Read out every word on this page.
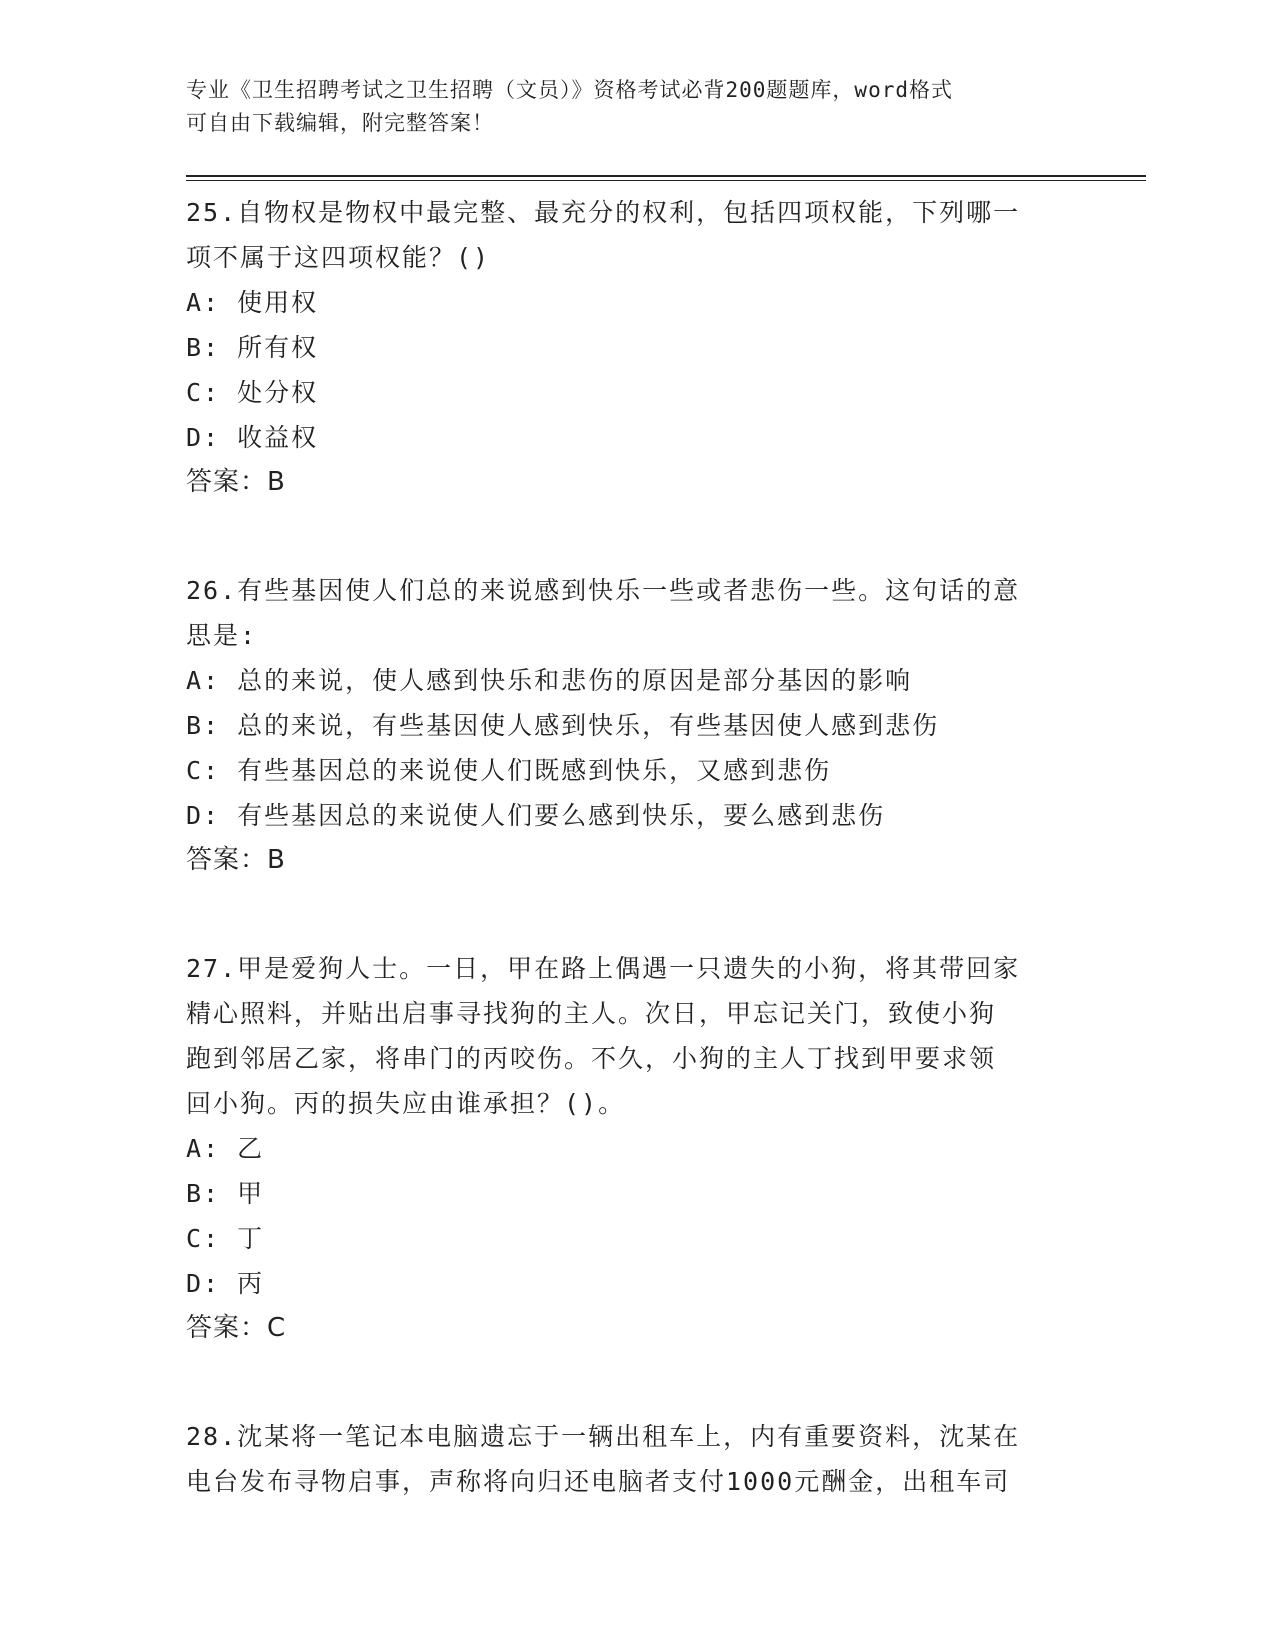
专业《卫生招聘考试之卫生招聘（文员）》资格考试必背200题题库，word格式
可自由下载编辑，附完整答案！
25.自物权是物权中最完整、最充分的权利，包括四项权能，下列哪一
项不属于这四项权能？()
A: 使用权
B: 所有权
C: 处分权
D: 收益权
答案：B
26.有些基因使人们总的来说感到快乐一些或者悲伤一些。这句话的意
思是:
A: 总的来说，使人感到快乐和悲伤的原因是部分基因的影响
B: 总的来说，有些基因使人感到快乐，有些基因使人感到悲伤
C: 有些基因总的来说使人们既感到快乐，又感到悲伤
D: 有些基因总的来说使人们要么感到快乐，要么感到悲伤
答案：B
27.甲是爱狗人士。一日，甲在路上偶遇一只遗失的小狗，将其带回家
精心照料，并贴出启事寻找狗的主人。次日，甲忘记关门，致使小狗
跑到邻居乙家，将串门的丙咬伤。不久，小狗的主人丁找到甲要求领
回小狗。丙的损失应由谁承担？()。
A: 乙
B: 甲
C: 丁
D: 丙
答案：C
28.沈某将一笔记本电脑遗忘于一辆出租车上，内有重要资料，沈某在
电台发布寻物启事，声称将向归还电脑者支付1000元酬金，出租车司
